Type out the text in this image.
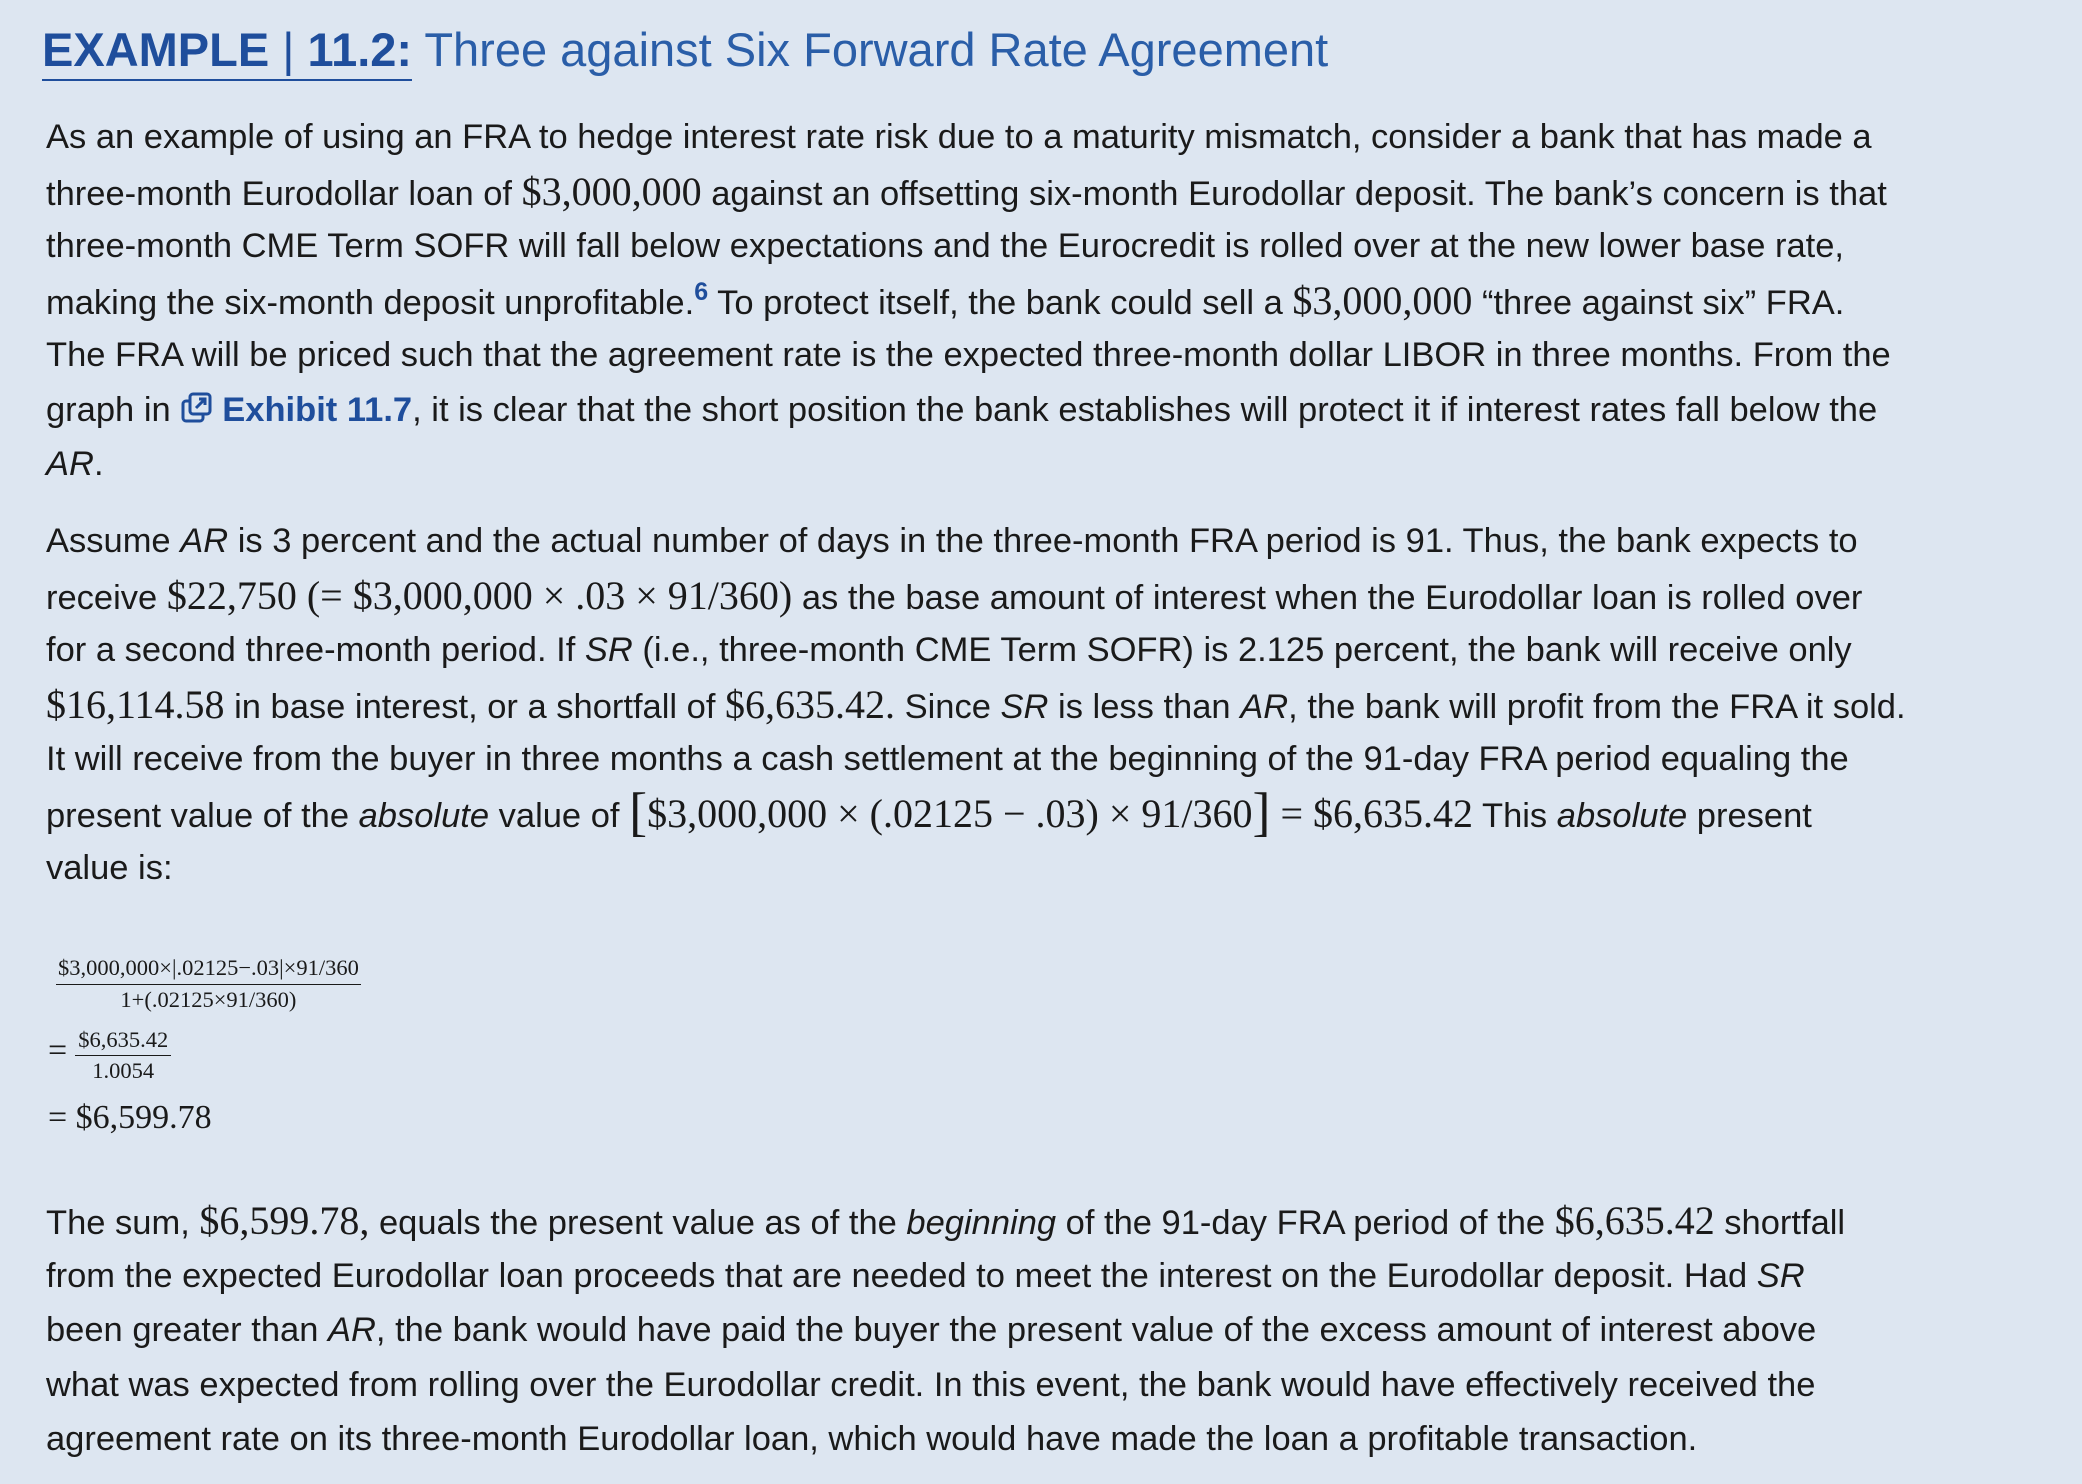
EXAMPLE | 11.2: Three against Six Forward Rate Agreement
As an example of using an FRA to hedge interest rate risk due to a maturity mismatch, consider a bank that has made a
three-month Eurodollar loan of $3,000,000 against an offsetting six-month Eurodollar deposit. The bank’s concern is that
three-month CME Term SOFR will fall below expectations and the Eurocredit is rolled over at the new lower base rate,
making the six-month deposit unprofitable.$^6$ To protect itself, the bank could sell a $3,000,000 “three against six” FRA.
The FRA will be priced such that the agreement rate is the expected three-month dollar LIBOR in three months. From the
graph in Exhibit 11.7, it is clear that the short position the bank establishes will protect it if interest rates fall below the
AR.
Assume AR is 3 percent and the actual number of days in the three-month FRA period is 91. Thus, the bank expects to
receive $22,750 (= $3,000,000 × .03 × 91/360) as the base amount of interest when the Eurodollar loan is rolled over
for a second three-month period. If SR (i.e., three-month CME Term SOFR) is 2.125 percent, the bank will receive only
$16,114.58 in base interest, or a shortfall of $6,635.42. Since SR is less than AR, the bank will profit from the FRA it sold.
It will receive from the buyer in three months a cash settlement at the beginning of the 91-day FRA period equaling the
present value of the absolute value of [$3,000,000 × (.02125 − .03) × 91/360] = $6,635.42 This absolute present
value is:
$\frac{\$3,000,000\times|.02125-.03|\times 91/360}{1+(.02125\times 91/360)}$
= $\frac{\$6,635.42}{1.0054}$
= $6,599.78
The sum, $6,599.78, equals the present value as of the beginning of the 91-day FRA period of the $6,635.42 shortfall
from the expected Eurodollar loan proceeds that are needed to meet the interest on the Eurodollar deposit. Had SR
been greater than AR, the bank would have paid the buyer the present value of the excess amount of interest above
what was expected from rolling over the Eurodollar credit. In this event, the bank would have effectively received the
agreement rate on its three-month Eurodollar loan, which would have made the loan a profitable transaction.
